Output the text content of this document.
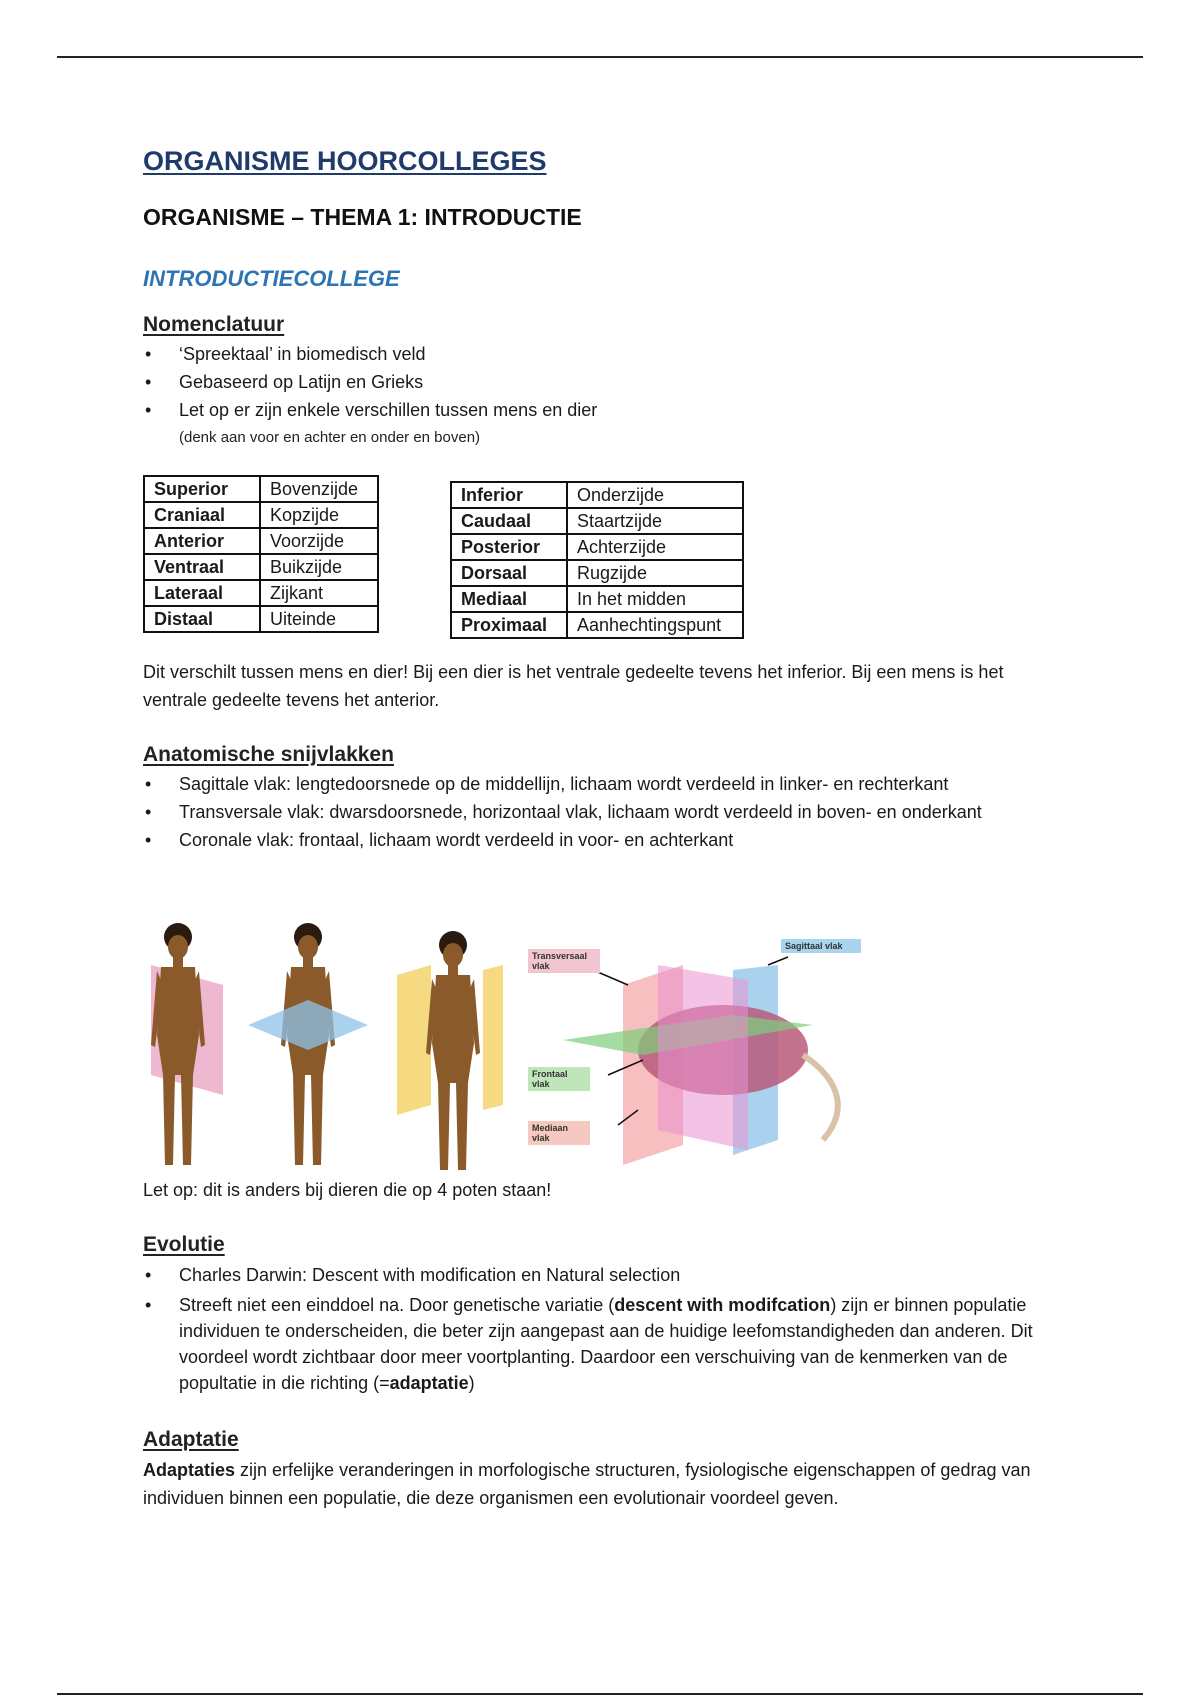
ORGANISME HOORCOLLEGES
ORGANISME – THEMA 1: INTRODUCTIE
INTRODUCTIECOLLEGE
Nomenclatuur
• ‘Spreektaal’ in biomedisch veld
• Gebaseerd op Latijn en Grieks
• Let op er zijn enkele verschillen tussen mens en dier
(denk aan voor en achter en onder en boven)
Superior	Bovenzijde
Craniaal	Kopzijde
Anterior	Voorzijde
Ventraal	Buikzijde
Lateraal	Zijkant
Distaal	Uiteinde
Inferior	Onderzijde
Caudaal	Staartzijde
Posterior	Achterzijde
Dorsaal	Rugzijde
Mediaal	In het midden
Proximaal	Aanhechtingspunt

Dit verschilt tussen mens en dier! Bij een dier is het ventrale gedeelte tevens het inferior. Bij een mens is het ventrale gedeelte tevens het anterior.

Anatomische snijvlakken
• Sagittale vlak: lengtedoorsnede op de middellijn, lichaam wordt verdeeld in linker- en rechterkant
• Transversale vlak: dwarsdoorsnede, horizontaal vlak, lichaam wordt verdeeld in boven- en onderkant
• Coronale vlak: frontaal, lichaam wordt verdeeld in voor- en achterkant
Transversaal vlak
Sagittaal vlak
Frontaal vlak
Mediaan vlak

Let op: dit is anders bij dieren die op 4 poten staan!

Evolutie
• Charles Darwin: Descent with modification en Natural selection
• Streeft niet een einddoel na. Door genetische variatie (descent with modifcation) zijn er binnen populatie individuen te onderscheiden, die beter zijn aangepast aan de huidige leefomstandigheden dan anderen. Dit voordeel wordt zichtbaar door meer voortplanting. Daardoor een verschuiving van de kenmerken van de popultatie in die richting (=adaptatie)
Adaptatie

Adaptaties zijn erfelijke veranderingen in morfologische structuren, fysiologische eigenschappen of gedrag van individuen binnen een populatie, die deze organismen een evolutionair voordeel geven.
